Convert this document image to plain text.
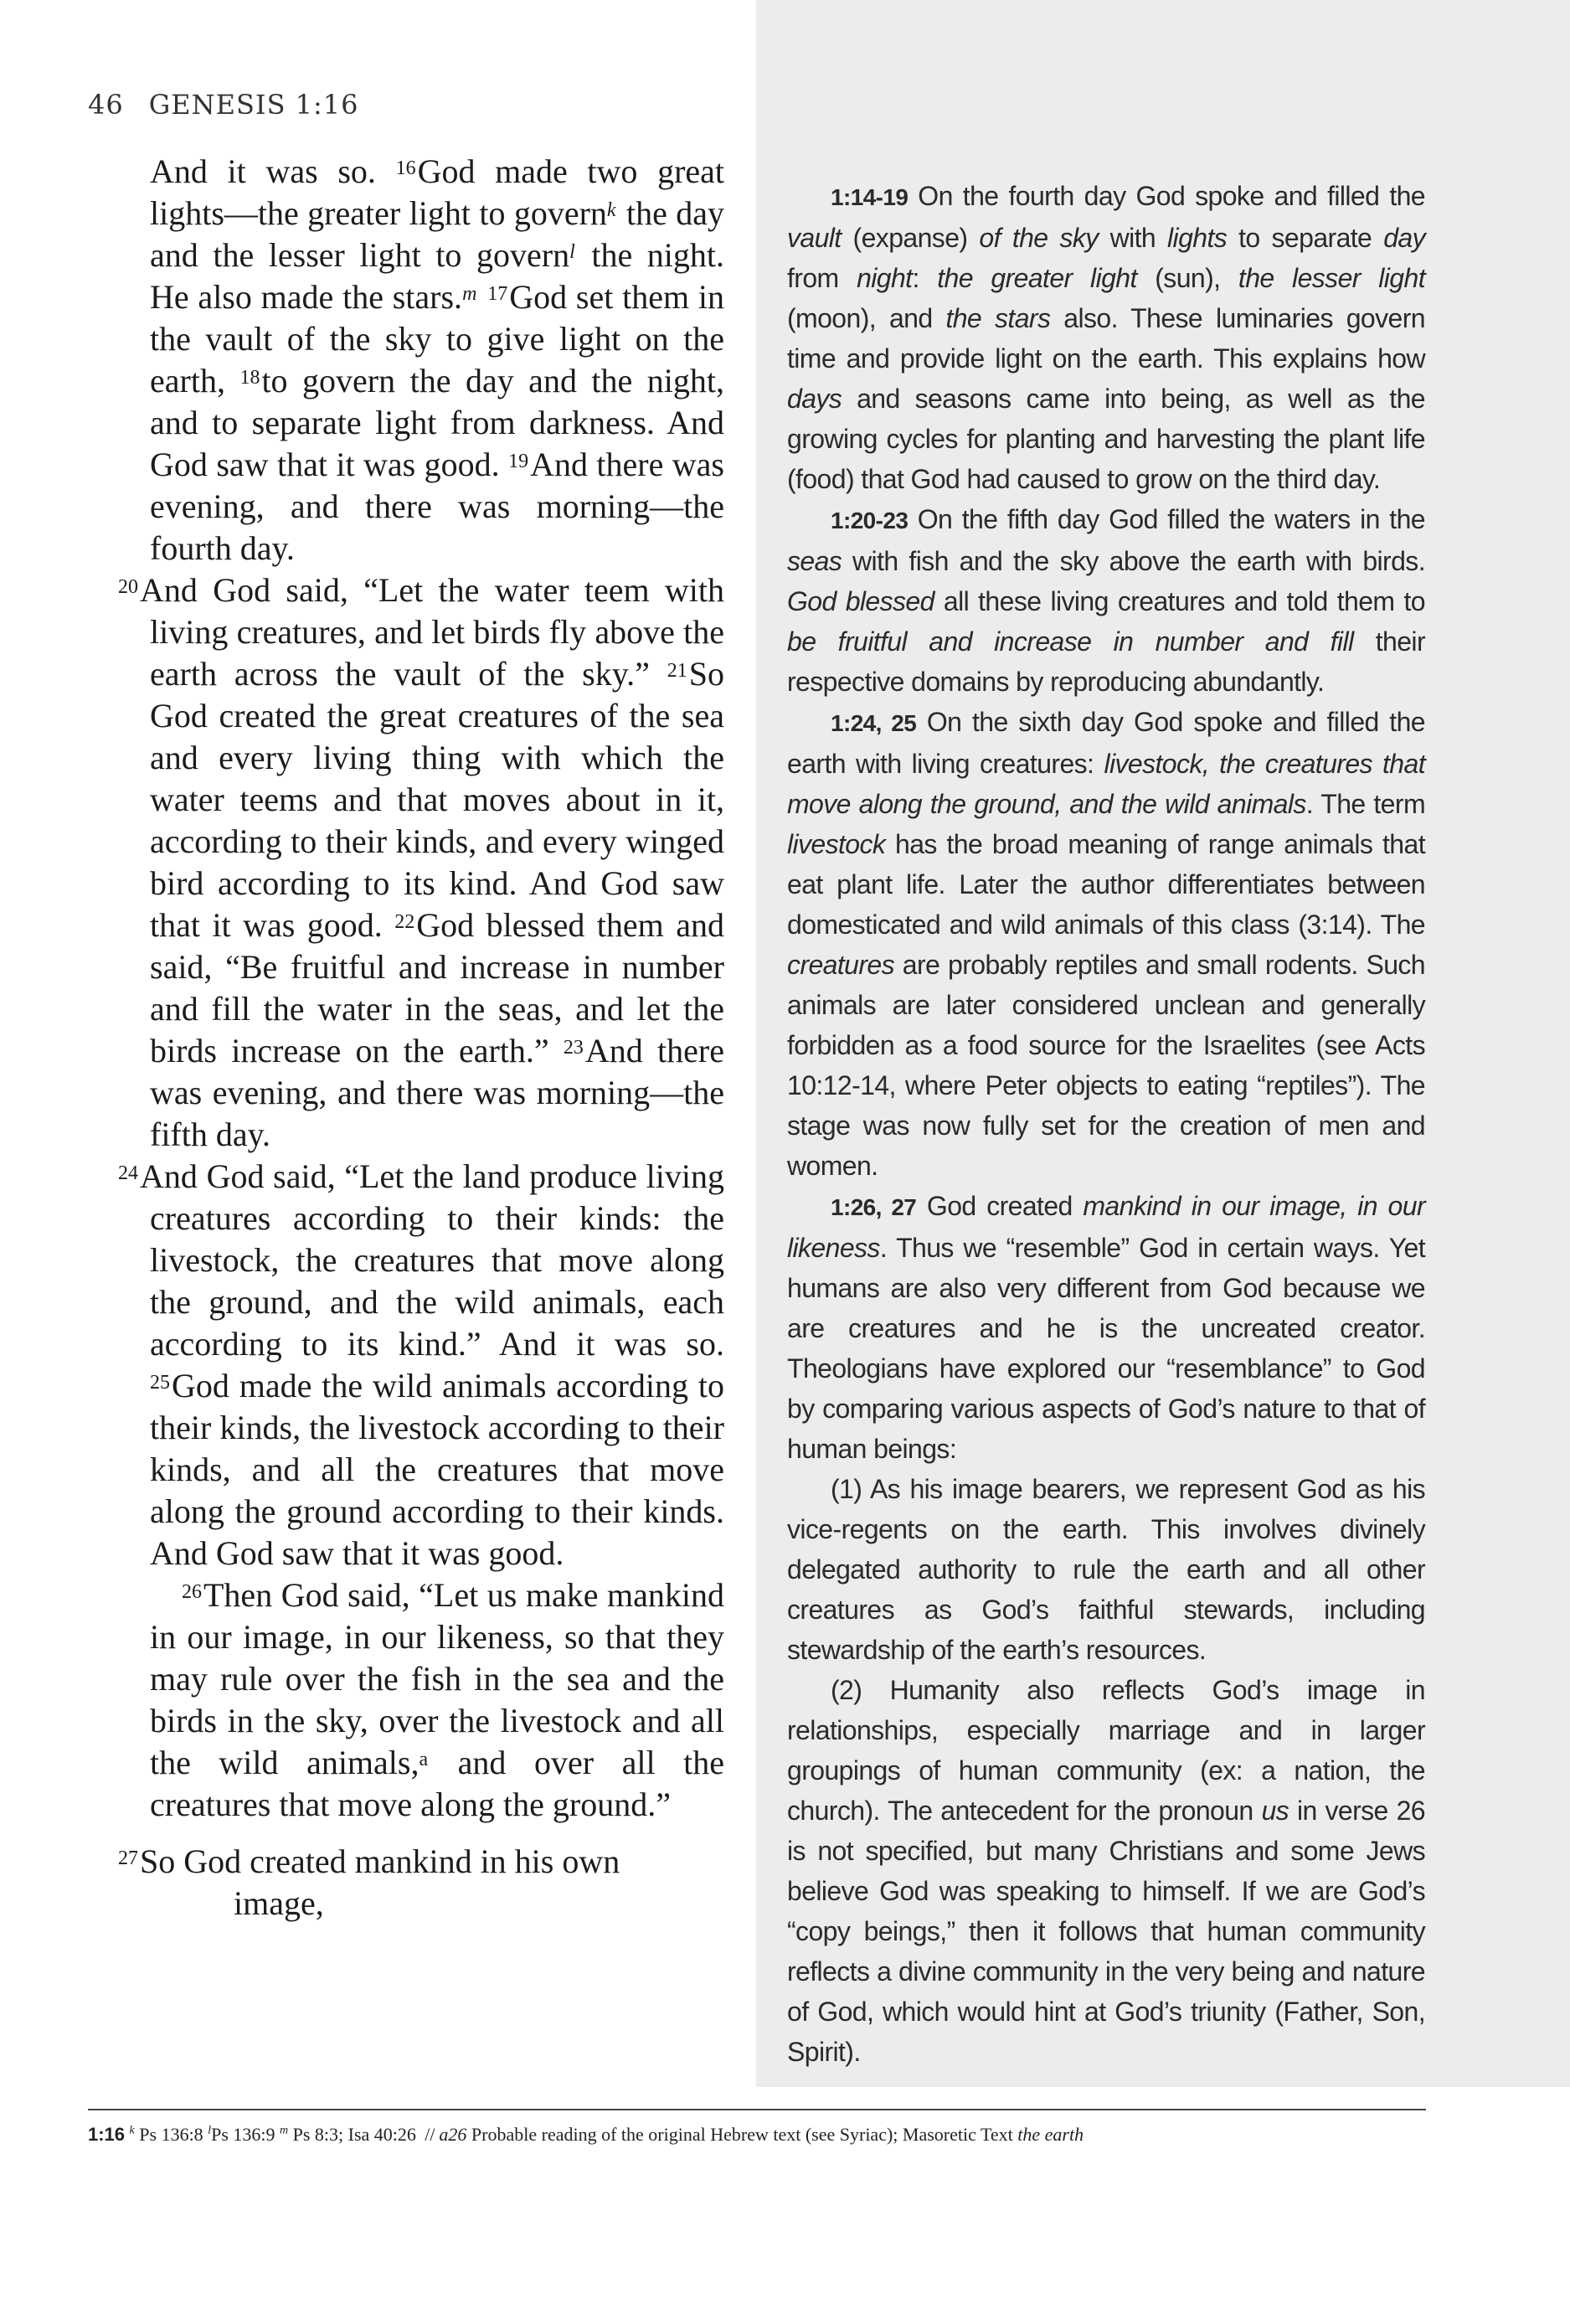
46 GENESIS 1:16

And it was so. $^{16}$God made two great lights—the greater light to govern$^k$ the day and the lesser light to govern$^l$ the night. He also made the stars.$^m$ $^{17}$God set them in the vault of the sky to give light on the earth, $^{18}$to govern the day and the night, and to separate light from darkness. And God saw that it was good. $^{19}$And there was evening, and there was morning—the fourth day.

$^{20}$And God said, “Let the water teem with living creatures, and let birds fly above the earth across the vault of the sky.” $^{21}$So God created the great creatures of the sea and every living thing with which the water teems and that moves about in it, according to their kinds, and every winged bird according to its kind. And God saw that it was good. $^{22}$God blessed them and said, “Be fruitful and increase in number and fill the water in the seas, and let the birds increase on the earth.” $^{23}$And there was evening, and there was morning—the fifth day.

$^{24}$And God said, “Let the land produce living creatures according to their kinds: the livestock, the creatures that move along the ground, and the wild animals, each according to its kind.” And it was so. $^{25}$God made the wild animals according to their kinds, the livestock according to their kinds, and all the creatures that move along the ground according to their kinds. And God saw that it was good.

$^{26}$Then God said, “Let us make mankind in our image, in our likeness, so that they may rule over the fish in the sea and the birds in the sky, over the livestock and all the wild animals,$^a$ and over all the creatures that move along the ground.”

$^{27}$So God created mankind in his own
image,

1:14-19 On the fourth day God spoke and filled the vault (expanse) of the sky with lights to separate day from night: the greater light (sun), the lesser light (moon), and the stars also. These luminaries govern time and provide light on the earth. This explains how days and seasons came into being, as well as the growing cycles for planting and harvesting the plant life (food) that God had caused to grow on the third day.

1:20-23 On the fifth day God filled the waters in the seas with fish and the sky above the earth with birds. God blessed all these living creatures and told them to be fruitful and increase in number and fill their respective domains by reproducing abundantly.

1:24, 25 On the sixth day God spoke and filled the earth with living creatures: livestock, the creatures that move along the ground, and the wild animals. The term livestock has the broad meaning of range animals that eat plant life. Later the author differentiates between domesticated and wild animals of this class (3:14). The creatures are probably reptiles and small rodents. Such animals are later considered unclean and generally forbidden as a food source for the Israelites (see Acts 10:12-14, where Peter objects to eating “reptiles”). The stage was now fully set for the creation of men and women.

1:26, 27 God created mankind in our image, in our likeness. Thus we “resemble” God in certain ways. Yet humans are also very different from God because we are creatures and he is the uncreated creator. Theologians have explored our “resemblance” to God by comparing various aspects of God’s nature to that of human beings:

(1) As his image bearers, we represent God as his vice-regents on the earth. This involves divinely delegated authority to rule the earth and all other creatures as God’s faithful stewards, including stewardship of the earth’s resources.

(2) Humanity also reflects God’s image in relationships, especially marriage and in larger groupings of human community (ex: a nation, the church). The antecedent for the pronoun us in verse 26 is not specified, but many Christians and some Jews believe God was speaking to himself. If we are God’s “copy beings,” then it follows that human community reflects a divine community in the very being and nature of God, which would hint at God’s triunity (Father, Son, Spirit).

1:16 $^k$ Ps 136:8 $^l$Ps 136:9 $^m$ Ps 8:3; Isa 40:26 // a26 Probable reading of the original Hebrew text (see Syriac); Masoretic Text the earth
